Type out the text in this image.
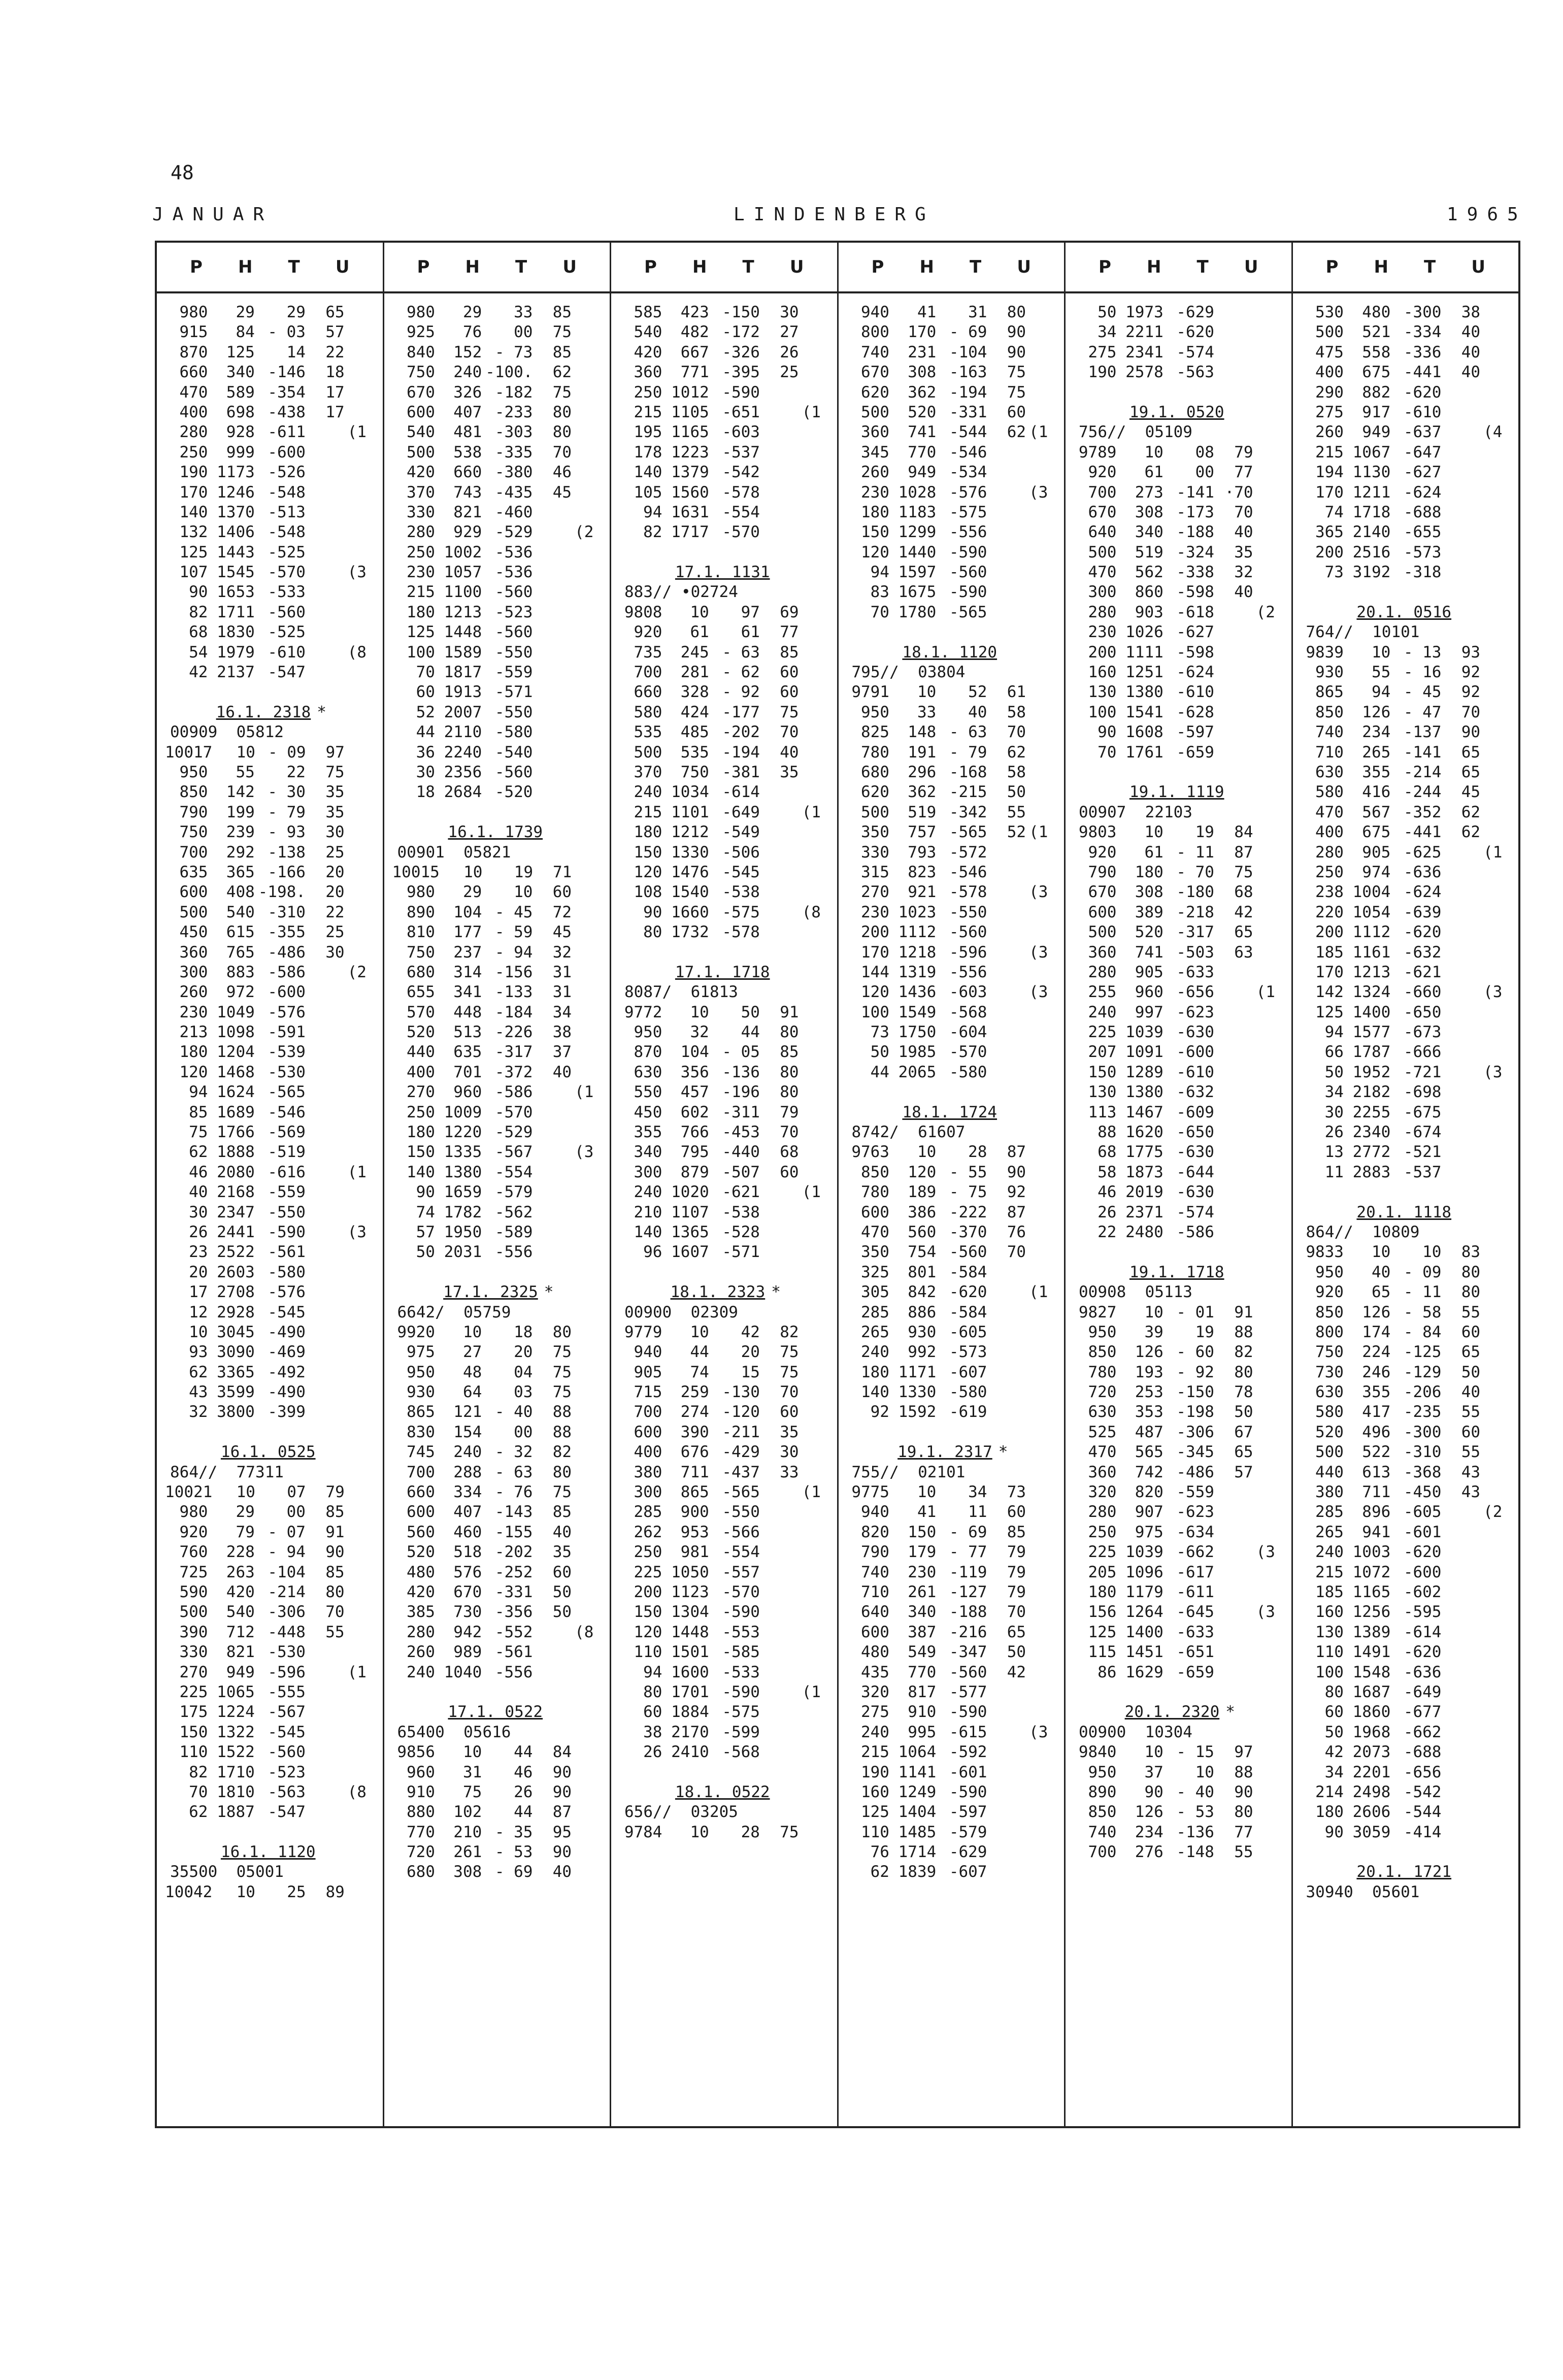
48
JANUAR	LINDENBERG	1965
P H T U
980	29	29	65
915	84 - 03	57
870	125	14	22
660	340 -146	18
470	589 -354	17
400	698 -438	17
280	928 -611	(1
250	999 -600
190 1173 -526
170 1246 -548
140 1370 -513
132 1406 -548
125 1443 -525
107 1545 -570	(3
90 1653 -533
82 1711 -560
68 1830 -525
54 1979 -610	(8
42 2137 -547
16.1. 2318 *
00909  05812
10017	10 - 09	97
950	55	22	75
850	142 - 30	35
790	199 - 79	35
750	239 - 93	30
700	292 -138	25
635	365 -166	20
600	408 -198.	20
500	540 -310	22
450	615 -355	25
360	765 -486	30
300	883 -586	(2
260	972 -600
230 1049 -576
213 1098 -591
180 1204 -539
120 1468 -530
94 1624 -565
85 1689 -546
75 1766 -569
62 1888 -519
46 2080 -616	(1
40 2168 -559
30 2347 -550
26 2441 -590	(3
23 2522 -561
20 2603 -580
17 2708 -576
12 2928 -545
10 3045 -490
93 3090 -469
62 3365 -492
43 3599 -490
32 3800 -399
16.1. 0525
864//  77311
10021	10	07	79
980	29	00	85
920	79 - 07	91
760	228 - 94	90
725	263 -104	85
590	420 -214	80
500	540 -306	70
390	712 -448	55
330	821 -530
270	949 -596	(1
225 1065 -555
175 1224 -567
150 1322 -545
110 1522 -560
82 1710 -523
70 1810 -563	(8
62 1887 -547
16.1. 1120
35500  05001
10042	10	25	89
P H T U
980	29	33	85
925	76	00	75
840	152 - 73	85
750	240 -100.	62
670	326 -182	75
600	407 -233	80
540	481 -303	80
500	538 -335	70
420	660 -380	46
370	743 -435	45
330	821 -460
280	929 -529	(2
250 1002 -536
230 1057 -536
215 1100 -560
180 1213 -523
125 1448 -560
100 1589 -550
70 1817 -559
60 1913 -571
52 2007 -550
44 2110 -580
36 2240 -540
30 2356 -560
18 2684 -520
16.1. 1739
00901  05821
10015	10	19	71
980	29	10	60
890	104 - 45	72
810	177 - 59	45
750	237 - 94	32
680	314 -156	31
655	341 -133	31
570	448 -184	34
520	513 -226	38
440	635 -317	37
400	701 -372	40
270	960 -586	(1
250 1009 -570
180 1220 -529
150 1335 -567	(3
140 1380 -554
90 1659 -579
74 1782 -562
57 1950 -589
50 2031 -556
17.1. 2325 *
6642/  05759
9920	10	18	80
975	27	20	75
950	48	04	75
930	64	03	75
865	121 - 40	88
830	154	00	88
745	240 - 32	82
700	288 - 63	80
660	334 - 76	75
600	407 -143	85
560	460 -155	40
520	518 -202	35
480	576 -252	60
420	670 -331	50
385	730 -356	50
280	942 -552	(8
260	989 -561
240 1040 -556
17.1. 0522
65400  05616
9856	10	44	84
960	31	46	90
910	75	26	90
880	102	44	87
770	210 - 35	95
720	261 - 53	90
680	308 - 69	40
P H T U
585	423 -150	30
540	482 -172	27
420	667 -326	26
360	771 -395	25
250 1012 -590
215 1105 -651	(1
195 1165 -603
178 1223 -537
140 1379 -542
105 1560 -578
94 1631 -554
82 1717 -570
17.1. 1131
883// •02724
9808	10	97	69
920	61	61	77
735	245 - 63	85
700	281 - 62	60
660	328 - 92	60
580	424 -177	75
535	485 -202	70
500	535 -194	40
370	750 -381	35
240 1034 -614
215 1101 -649	(1
180 1212 -549
150 1330 -506
120 1476 -545
108 1540 -538
90 1660 -575	(8
80 1732 -578
17.1. 1718
8087/  61813
9772	10	50	91
950	32	44	80
870	104 - 05	85
630	356 -136	80
550	457 -196	80
450	602 -311	79
355	766 -453	70
340	795 -440	68
300	879 -507	60
240 1020 -621	(1
210 1107 -538
140 1365 -528
96 1607 -571
18.1. 2323 *
00900  02309
9779	10	42	82
940	44	20	75
905	74	15	75
715	259 -130	70
700	274 -120	60
600	390 -211	35
400	676 -429	30
380	711 -437	33
300	865 -565	(1
285	900 -550
262	953 -566
250	981 -554
225 1050 -557
200 1123 -570
150 1304 -590
120 1448 -553
110 1501 -585
94 1600 -533
80 1701 -590	(1
60 1884 -575
38 2170 -599
26 2410 -568
18.1. 0522
656//  03205
9784	10	28	75
P H T U
940	41	31	80
800	170 - 69	90
740	231 -104	90
670	308 -163	75
620	362 -194	75
500	520 -331	60
360	741 -544	62 (1
345	770 -546
260	949 -534
230 1028 -576	(3
180 1183 -575
150 1299 -556
120 1440 -590
94 1597 -560
83 1675 -590
70 1780 -565
18.1. 1120
795//  03804
9791	10	52	61
950	33	40	58
825	148 - 63	70
780	191 - 79	62
680	296 -168	58
620	362 -215	50
500	519 -342	55
350	757 -565	52 (1
330	793 -572
315	823 -546
270	921 -578	(3
230 1023 -550
200 1112 -560
170 1218 -596	(3
144 1319 -556
120 1436 -603	(3
100 1549 -568
73 1750 -604
50 1985 -570
44 2065 -580
18.1. 1724
8742/  61607
9763	10	28	87
850	120 - 55	90
780	189 - 75	92
600	386 -222	87
470	560 -370	76
350	754 -560	70
325	801 -584
305	842 -620	(1
285	886 -584
265	930 -605
240	992 -573
180 1171 -607
140 1330 -580
92 1592 -619
19.1. 2317 *
755//  02101
9775	10	34	73
940	41	11	60
820	150 - 69	85
790	179 - 77	79
740	230 -119	79
710	261 -127	79
640	340 -188	70
600	387 -216	65
480	549 -347	50
435	770 -560	42
320	817 -577
275	910 -590
240	995 -615	(3
215 1064 -592
190 1141 -601
160 1249 -590
125 1404 -597
110 1485 -579
76 1714 -629
62 1839 -607
P H T U
50 1973 -629
34 2211 -620
275 2341 -574
190 2578 -563
19.1. 0520
756//  05109
9789	10	08	79
920	61	00	77
700	273 -141 ·70
670	308 -173	70
640	340 -188	40
500	519 -324	35
470	562 -338	32
300	860 -598	40
280	903 -618	(2
230 1026 -627
200 1111 -598
160 1251 -624
130 1380 -610
100 1541 -628
90 1608 -597
70 1761 -659
19.1. 1119
00907  22103
9803	10	19	84
920	61 - 11	87
790	180 - 70	75
670	308 -180	68
600	389 -218	42
500	520 -317	65
360	741 -503	63
280	905 -633
255	960 -656	(1
240	997 -623
225 1039 -630
207 1091 -600
150 1289 -610
130 1380 -632
113 1467 -609
88 1620 -650
68 1775 -630
58 1873 -644
46 2019 -630
26 2371 -574
22 2480 -586
19.1. 1718
00908  05113
9827	10 - 01	91
950	39	19	88
850	126 - 60	82
780	193 - 92	80
720	253 -150	78
630	353 -198	50
525	487 -306	67
470	565 -345	65
360	742 -486	57
320	820 -559
280	907 -623
250	975 -634
225 1039 -662	(3
205 1096 -617
180 1179 -611
156 1264 -645	(3
125 1400 -633
115 1451 -651
86 1629 -659
20.1. 2320 *
00900  10304
9840	10 - 15	97
950	37	10	88
890	90 - 40	90
850	126 - 53	80
740	234 -136	77
700	276 -148	55
P H T U
530	480 -300	38
500	521 -334	40
475	558 -336	40
400	675 -441	40
290	882 -620
275	917 -610
260	949 -637	(4
215 1067 -647
194 1130 -627
170 1211 -624
74 1718 -688
365 2140 -655
200 2516 -573
73 3192 -318
20.1. 0516
764//  10101
9839	10 - 13	93
930	55 - 16	92
865	94 - 45	92
850	126 - 47	70
740	234 -137	90
710	265 -141	65
630	355 -214	65
580	416 -244	45
470	567 -352	62
400	675 -441	62
280	905 -625	(1
250	974 -636
238 1004 -624
220 1054 -639
200 1112 -620
185 1161 -632
170 1213 -621
142 1324 -660	(3
125 1400 -650
94 1577 -673
66 1787 -666
50 1952 -721	(3
34 2182 -698
30 2255 -675
26 2340 -674
13 2772 -521
11 2883 -537
20.1. 1118
864//  10809
9833	10	10	83
950	40 - 09	80
920	65 - 11	80
850	126 - 58	55
800	174 - 84	60
750	224 -125	65
730	246 -129	50
630	355 -206	40
580	417 -235	55
520	496 -300	60
500	522 -310	55
440	613 -368	43
380	711 -450	43
285	896 -605	(2
265	941 -601
240 1003 -620
215 1072 -600
185 1165 -602
160 1256 -595
130 1389 -614
110 1491 -620
100 1548 -636
80 1687 -649
60 1860 -677
50 1968 -662
42 2073 -688
34 2201 -656
214 2498 -542
180 2606 -544
90 3059 -414
20.1. 1721
30940  05601
